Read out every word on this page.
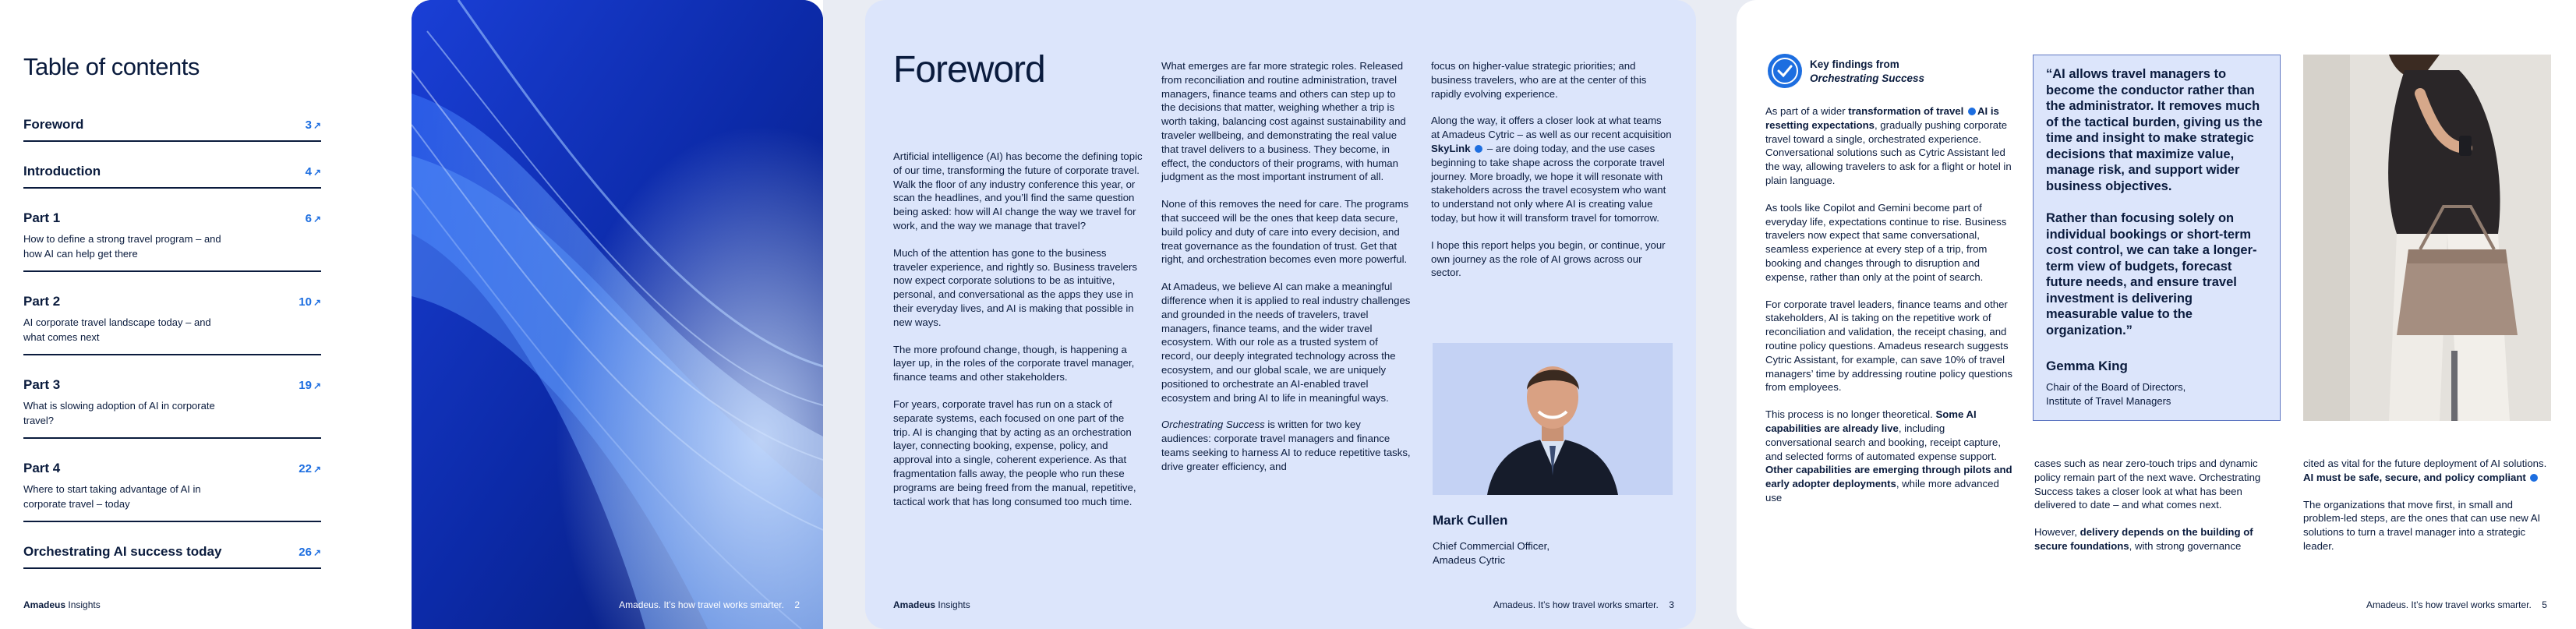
Table of contents
Foreword	3 ↗
Introduction	4 ↗
Part 1	6 ↗
How to define a strong travel program – and how AI can help get there
Part 2	10 ↗
AI corporate travel landscape today – and what comes next
Part 3	19 ↗
What is slowing adoption of AI in corporate travel?
Part 4	22 ↗
Where to start taking advantage of AI in corporate travel – today
Orchestrating AI success today	26 ↗
Amadeus Insights	Amadeus. It’s how travel works smarter. 2
Foreword

Artificial intelligence (AI) has become the defining topic of our time, transforming the future of corporate travel. Walk the floor of any industry conference this year, or scan the headlines, and you’ll find the same question being asked: how will AI change the way we travel for work, and the way we manage that travel?

Much of the attention has gone to the business traveler experience, and rightly so. Business travelers now expect corporate solutions to be as intuitive, personal, and conversational as the apps they use in their everyday lives, and AI is making that possible in new ways.

The more profound change, though, is happening a layer up, in the roles of the corporate travel manager, finance teams and other stakeholders.

For years, corporate travel has run on a stack of separate systems, each focused on one part of the trip. AI is changing that by acting as an orchestration layer, connecting booking, expense, policy, and approval into a single, coherent experience. As that fragmentation falls away, the people who run these programs are being freed from the manual, repetitive, tactical work that has long consumed too much time.

What emerges are far more strategic roles. Released from reconciliation and routine administration, travel managers, finance teams and others can step up to the decisions that matter, weighing whether a trip is worth taking, balancing cost against sustainability and traveler wellbeing, and demonstrating the real value that travel delivers to a business. They become, in effect, the conductors of their programs, with human judgment as the most important instrument of all.

None of this removes the need for care. The programs that succeed will be the ones that keep data secure, build policy and duty of care into every decision, and treat governance as the foundation of trust. Get that right, and orchestration becomes even more powerful.

At Amadeus, we believe AI can make a meaningful difference when it is applied to real industry challenges and grounded in the needs of travelers, travel managers, finance teams, and the wider travel ecosystem. With our role as a trusted system of record, our deeply integrated technology across the ecosystem, and our global scale, we are uniquely positioned to orchestrate an AI-enabled travel ecosystem and bring AI to life in meaningful ways.

Orchestrating Success is written for two key audiences: corporate travel managers and finance teams seeking to harness AI to reduce repetitive tasks, drive greater efficiency, and

focus on higher-value strategic priorities; and business travelers, who are at the center of this rapidly evolving experience.

Along the way, it offers a closer look at what teams at Amadeus Cytric – as well as our recent acquisition SkyLink  – are doing today, and the use cases beginning to take shape across the corporate travel journey. More broadly, we hope it will resonate with stakeholders across the travel ecosystem who want to understand not only where AI is creating value today, but how it will transform travel for tomorrow.

I hope this report helps you begin, or continue, your own journey as the role of AI grows across our sector.

Mark Cullen
Chief Commercial Officer,
Amadeus Cytric
Amadeus Insights	Amadeus. It’s how travel works smarter. 3
Key findings from
Orchestrating Success

As part of a wider transformation of travel AI is resetting expectations, gradually pushing corporate travel toward a single, orchestrated experience. Conversational solutions such as Cytric Assistant led the way, allowing travelers to ask for a flight or hotel in plain language.

As tools like Copilot and Gemini become part of everyday life, expectations continue to rise. Business travelers now expect that same conversational, seamless experience at every step of a trip, from booking and changes through to disruption and expense, rather than only at the point of search.

For corporate travel leaders, finance teams and other stakeholders, AI is taking on the repetitive work of reconciliation and validation, the receipt chasing, and routine policy questions. Amadeus research suggests Cytric Assistant, for example, can save 10% of travel managers’ time by addressing routine policy questions from employees.

This process is no longer theoretical. Some AI capabilities are already live, including conversational search and booking, receipt capture, and selected forms of automated expense support. Other capabilities are emerging through pilots and early adopter deployments, while more advanced use

“AI allows travel managers to become the conductor rather than the administrator. It removes much of the tactical burden, giving us the time and insight to make strategic decisions that maximize value, manage risk, and support wider business objectives.

Rather than focusing solely on individual bookings or short-term cost control, we can take a longer-term view of budgets, forecast future needs, and ensure travel investment is delivering measurable value to the organization.”

Gemma King
Chair of the Board of Directors,
Institute of Travel Managers

cases such as near zero-touch trips and dynamic policy remain part of the next wave. Orchestrating Success takes a closer look at what has been delivered to date – and what comes next.

However, delivery depends on the building of secure foundations, with strong governance

cited as vital for the future deployment of AI solutions. AI must be safe, secure, and policy compliant

The organizations that move first, in small and problem-led steps, are the ones that can use new AI solutions to turn a travel manager into a strategic leader.

Amadeus. It’s how travel works smarter. 5
